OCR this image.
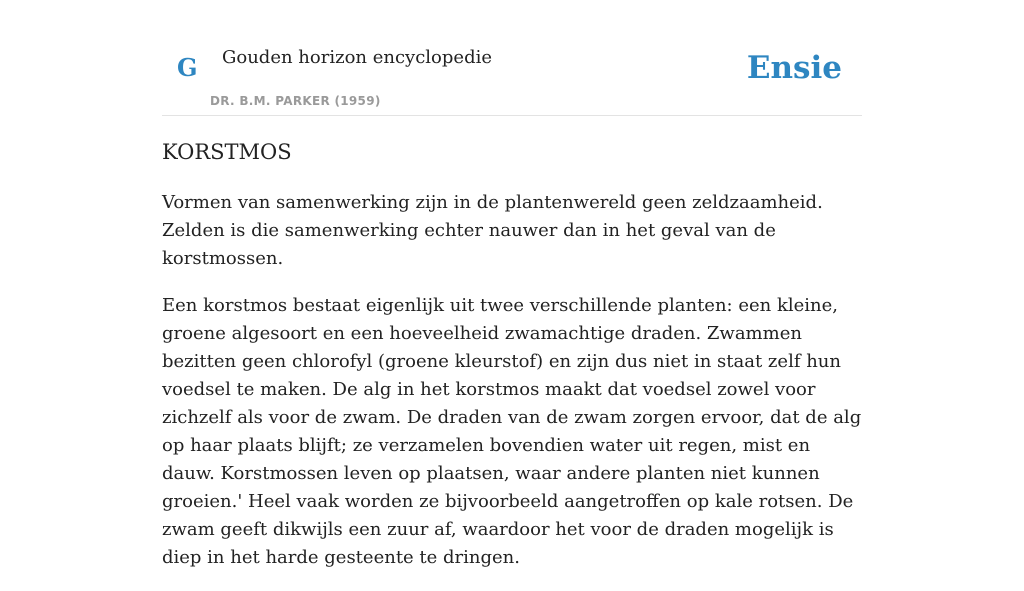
G Gouden horizon encyclopedie
DR. B.M. PARKER (1959)
Ensie
KORSTMOS

Vormen van samenwerking zijn in de plantenwereld geen zeldzaamheid. Zelden is die samenwerking echter nauwer dan in het geval van de korstmossen.

Een korstmos bestaat eigenlijk uit twee verschillende planten: een kleine, groene algesoort en een hoeveelheid zwamachtige draden. Zwammen bezitten geen chlorofyl (groene kleurstof) en zijn dus niet in staat zelf hun voedsel te maken. De alg in het korstmos maakt dat voedsel zowel voor zichzelf als voor de zwam. De draden van de zwam zorgen ervoor, dat de alg op haar plaats blijft; ze verzamelen bovendien water uit regen, mist en dauw. Korstmossen leven op plaatsen, waar andere planten niet kunnen groeien.' Heel vaak worden ze bijvoorbeeld aangetroffen op kale rotsen. De zwam geeft dikwijls een zuur af, waardoor het voor de draden mogelijk is diep in het harde gesteente te dringen.
